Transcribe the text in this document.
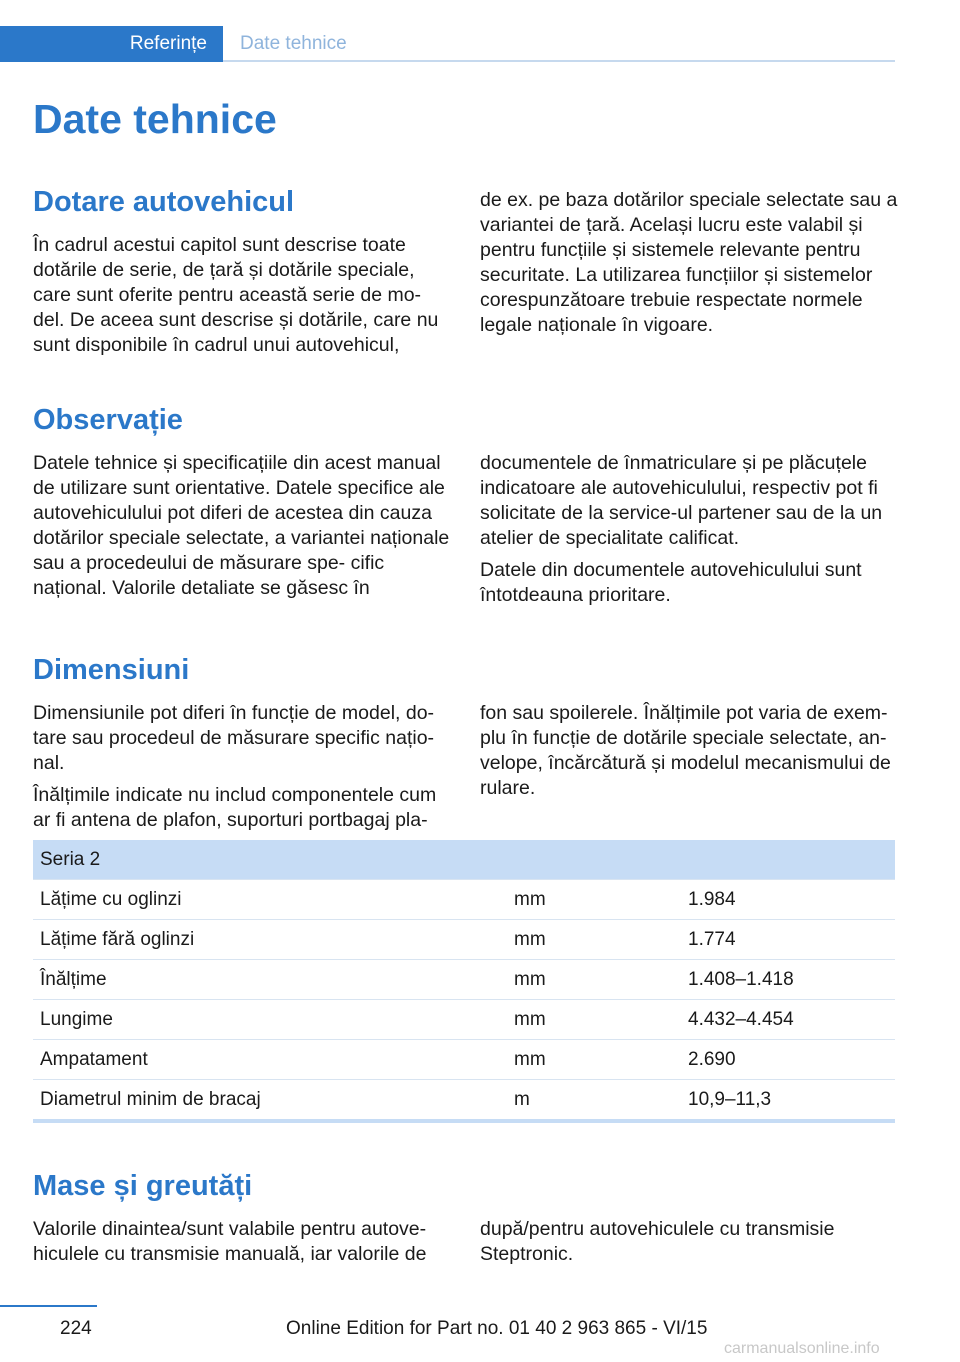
Referințe	Date tehnice
Date tehnice
Dotare autovehicul

În cadrul acestui capitol sunt descrise toate dotările de serie, de țară și dotările speciale, care sunt oferite pentru această serie de mo- del. De aceea sunt descrise și dotările, care nu sunt disponibile în cadrul unui autovehicul,

de ex. pe baza dotărilor speciale selectate sau a variantei de țară. Același lucru este valabil și pentru funcțiile și sistemele relevante pentru securitate. La utilizarea funcțiilor și sistemelor corespunzătoare trebuie respectate normele legale naționale în vigoare.

Observație

Datele tehnice și specificațiile din acest manual de utilizare sunt orientative. Datele specifice ale autovehiculului pot diferi de acestea din cauza dotărilor speciale selectate, a variantei naționale sau a procedeului de măsurare spe- cific național. Valorile detaliate se găsesc în

documentele de înmatriculare și pe plăcuțele indicatoare ale autovehiculului, respectiv pot fi solicitate de la service-ul partener sau de la un atelier de specialitate calificat.

Datele din documentele autovehiculului sunt întotdeauna prioritare.

Dimensiuni

Dimensiunile pot diferi în funcție de model, do- tare sau procedeul de măsurare specific națio- nal.

Înălțimile indicate nu includ componentele cum ar fi antena de plafon, suporturi portbagaj pla-

fon sau spoilerele. Înălțimile pot varia de exem- plu în funcție de dotările speciale selectate, an- velope, încărcătură și modelul mecanismului de rulare.

Seria 2
Lățime cu oglinzi	mm	1.984
Lățime fără oglinzi	mm	1.774
Înălțime	mm	1.408–1.418
Lungime	mm	4.432–4.454
Ampatament	mm	2.690
Diametrul minim de bracaj	m	10,9–11,3
Mase și greutăți

Valorile dinaintea/sunt valabile pentru autove- hiculele cu transmisie manuală, iar valorile de

după/pentru autovehiculele cu transmisie Steptronic.

224	Online Edition for Part no. 01 40 2 963 865 - VI/15
carmanualsonline.info
